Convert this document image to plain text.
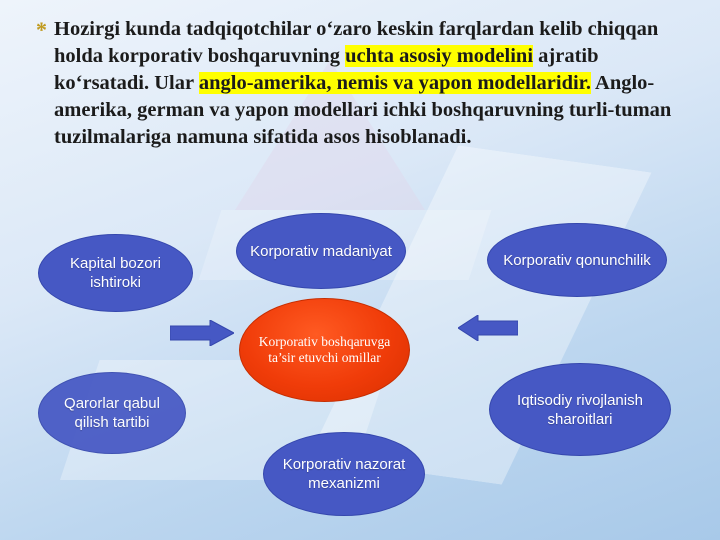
* Hozirgi kunda tadqiqotchilar o‘zaro keskin farqlardan kelib chiqqan holda korporativ boshqaruvning uchta asosiy modelini ajratib ko‘rsatadi. Ular anglo-amerika, nemis va yapon modellaridir. Anglo-amerika, german va yapon modellari ichki boshqaruvning turli-tuman tuzilmalariga namuna sifatida asos hisoblanadi.
Korporativ madaniyat
Korporativ qonunchilik
Kapital bozori ishtiroki
Qarorlar qabul qilish tartibi
Korporativ nazorat mexanizmi
Iqtisodiy rivojlanish sharoitlari
Korporativ boshqaruvga ta’sir etuvchi omillar
